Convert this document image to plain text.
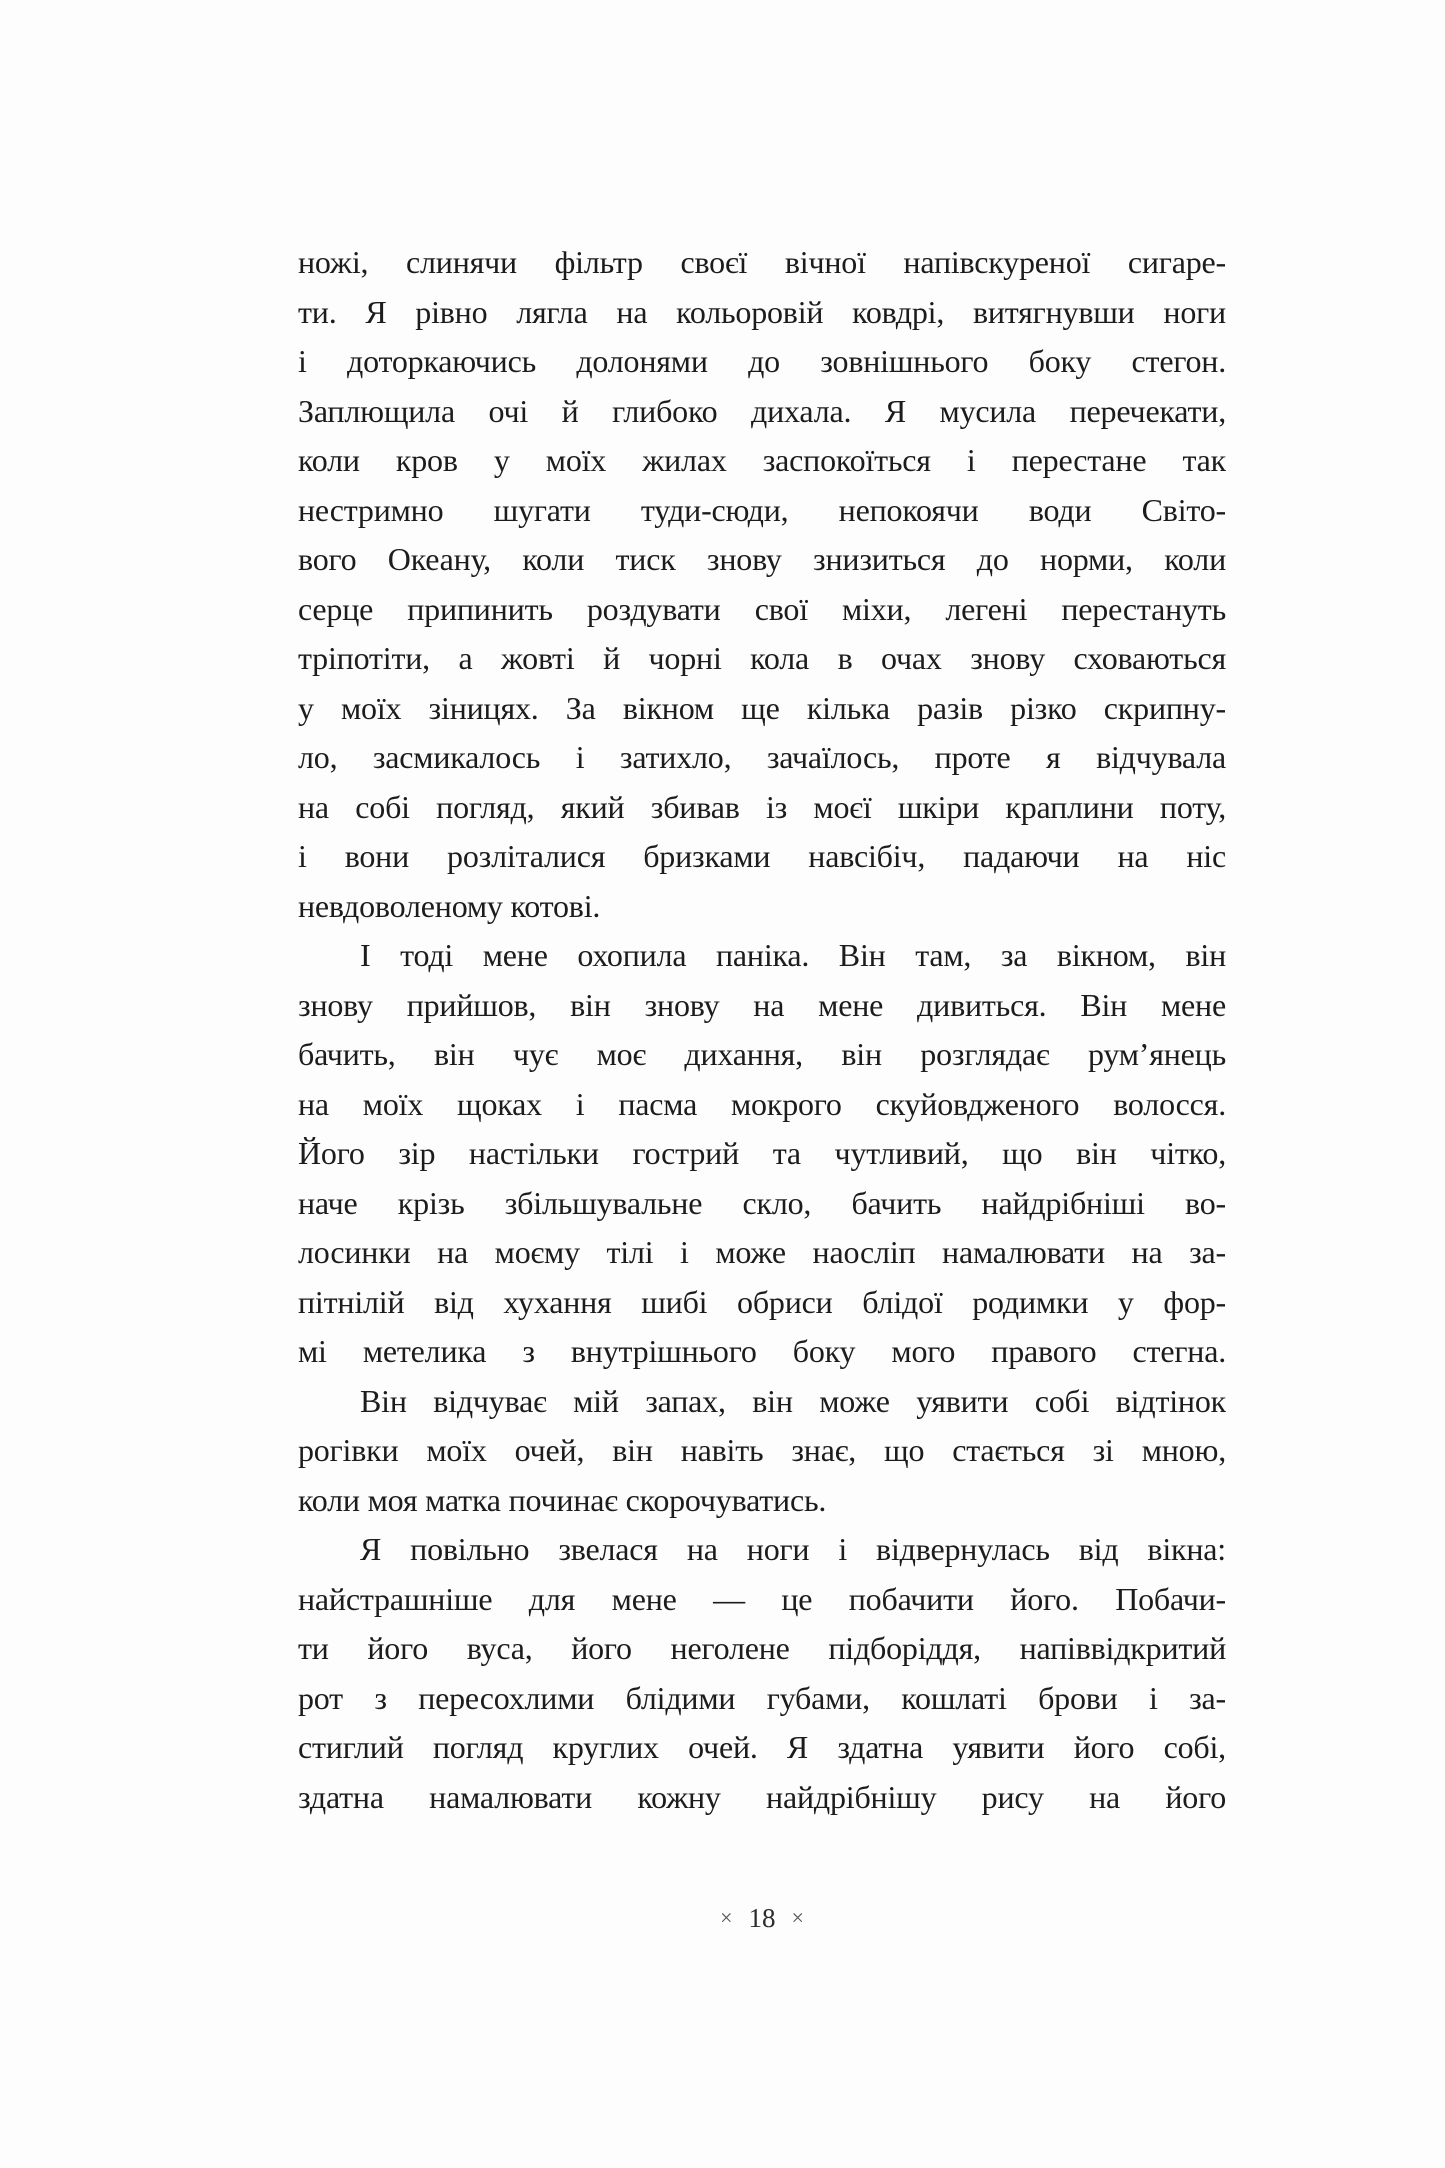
ножі, слинячи фільтр своєї вічної напівскуреної сигаре-
ти. Я рівно лягла на кольоровій ковдрі, витягнувши ноги
і доторкаючись долонями до зовнішнього боку стегон.
Заплющила очі й глибоко дихала. Я мусила перечекати,
коли кров у моїх жилах заспокоїться і перестане так
нестримно шугати туди-сюди, непокоячи води Світо-
вого Океану, коли тиск знову знизиться до норми, коли
серце припинить роздувати свої міхи, легені перестануть
тріпотіти, а жовті й чорні кола в очах знову сховаються
у моїх зіницях. За вікном ще кілька разів різко скрипну-
ло, засмикалось і затихло, зачаїлось, проте я відчувала
на собі погляд, який збивав із моєї шкіри краплини поту,
і вони розліталися бризками навсібіч, падаючи на ніс
невдоволеному котові.
І тоді мене охопила паніка. Він там, за вікном, він
знову прийшов, він знову на мене дивиться. Він мене
бачить, він чує моє дихання, він розглядає рум’янець
на моїх щоках і пасма мокрого скуйовдженого волосся.
Його зір настільки гострий та чутливий, що він чітко,
наче крізь збільшувальне скло, бачить найдрібніші во-
лосинки на моєму тілі і може наосліп намалювати на за-
пітнілій від хухання шибі обриси блідої родимки у фор-
мі метелика з внутрішнього боку мого правого стегна.
Він відчуває мій запах, він може уявити собі відтінок
рогівки моїх очей, він навіть знає, що стається зі мною,
коли моя матка починає скорочуватись.
Я повільно звелася на ноги і відвернулась від вікна:
найстрашніше для мене — це побачити його. Побачи-
ти його вуса, його неголене підборіддя, напіввідкритий
рот з пересохлими блідими губами, кошлаті брови і за-
стиглий погляд круглих очей. Я здатна уявити його собі,
здатна намалювати кожну найдрібнішу рису на його
× 18 ×
